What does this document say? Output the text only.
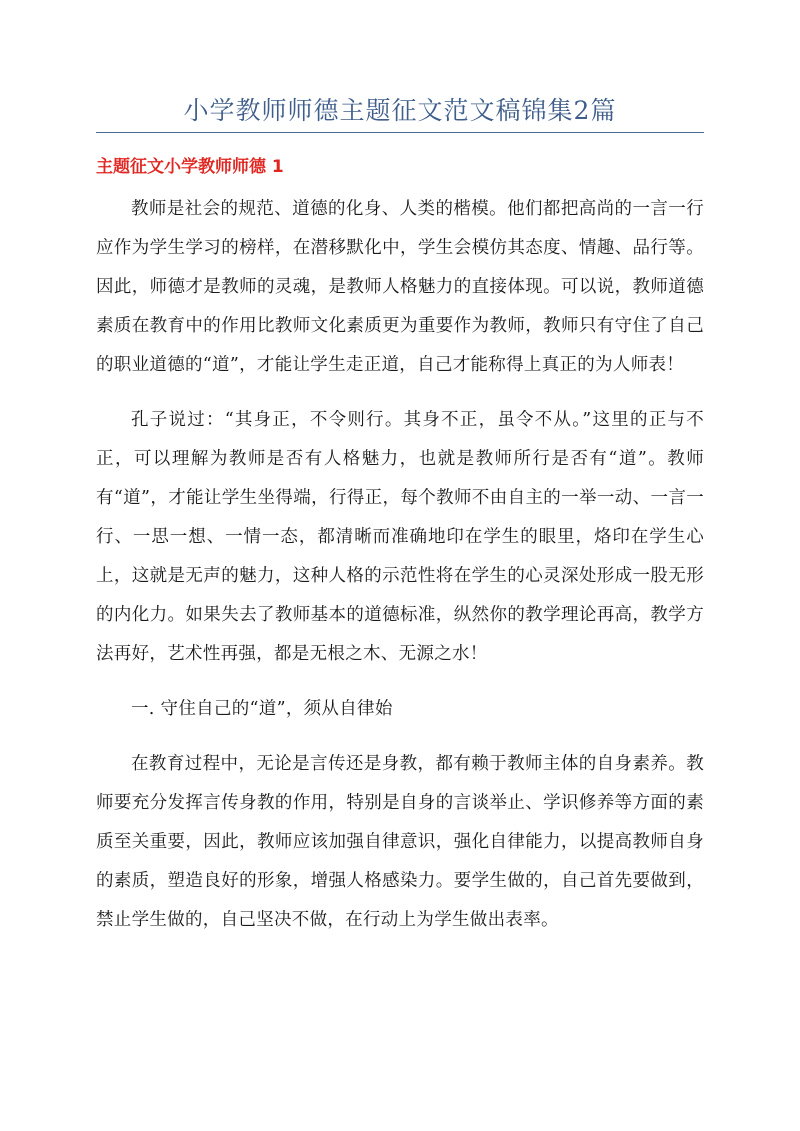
小学教师师德主题征文范文稿锦集2篇
主题征文小学教师师德 1

教师是社会的规范、道德的化身、人类的楷模。他们都把高尚的一言一行应作为学生学习的榜样，在潜移默化中，学生会模仿其态度、情趣、品行等。因此，师德才是教师的灵魂，是教师人格魅力的直接体现。可以说，教师道德素质在教育中的作用比教师文化素质更为重要作为教师，教师只有守住了自己的职业道德的“道”，才能让学生走正道，自己才能称得上真正的为人师表！

孔子说过：“其身正，不令则行。其身不正，虽令不从。”这里的正与不正，可以理解为教师是否有人格魅力，也就是教师所行是否有“道”。教师有“道”，才能让学生坐得端，行得正，每个教师不由自主的一举一动、一言一行、一思一想、一情一态，都清晰而准确地印在学生的眼里，烙印在学生心上，这就是无声的魅力，这种人格的示范性将在学生的心灵深处形成一股无形的内化力。如果失去了教师基本的道德标准，纵然你的教学理论再高，教学方法再好，艺术性再强，都是无根之木、无源之水！

一. 守住自己的“道”，须从自律始

在教育过程中，无论是言传还是身教，都有赖于教师主体的自身素养。教师要充分发挥言传身教的作用，特别是自身的言谈举止、学识修养等方面的素质至关重要，因此，教师应该加强自律意识，强化自律能力，以提高教师自身的素质，塑造良好的形象，增强人格感染力。要学生做的，自己首先要做到，禁止学生做的，自己坚决不做，在行动上为学生做出表率。
